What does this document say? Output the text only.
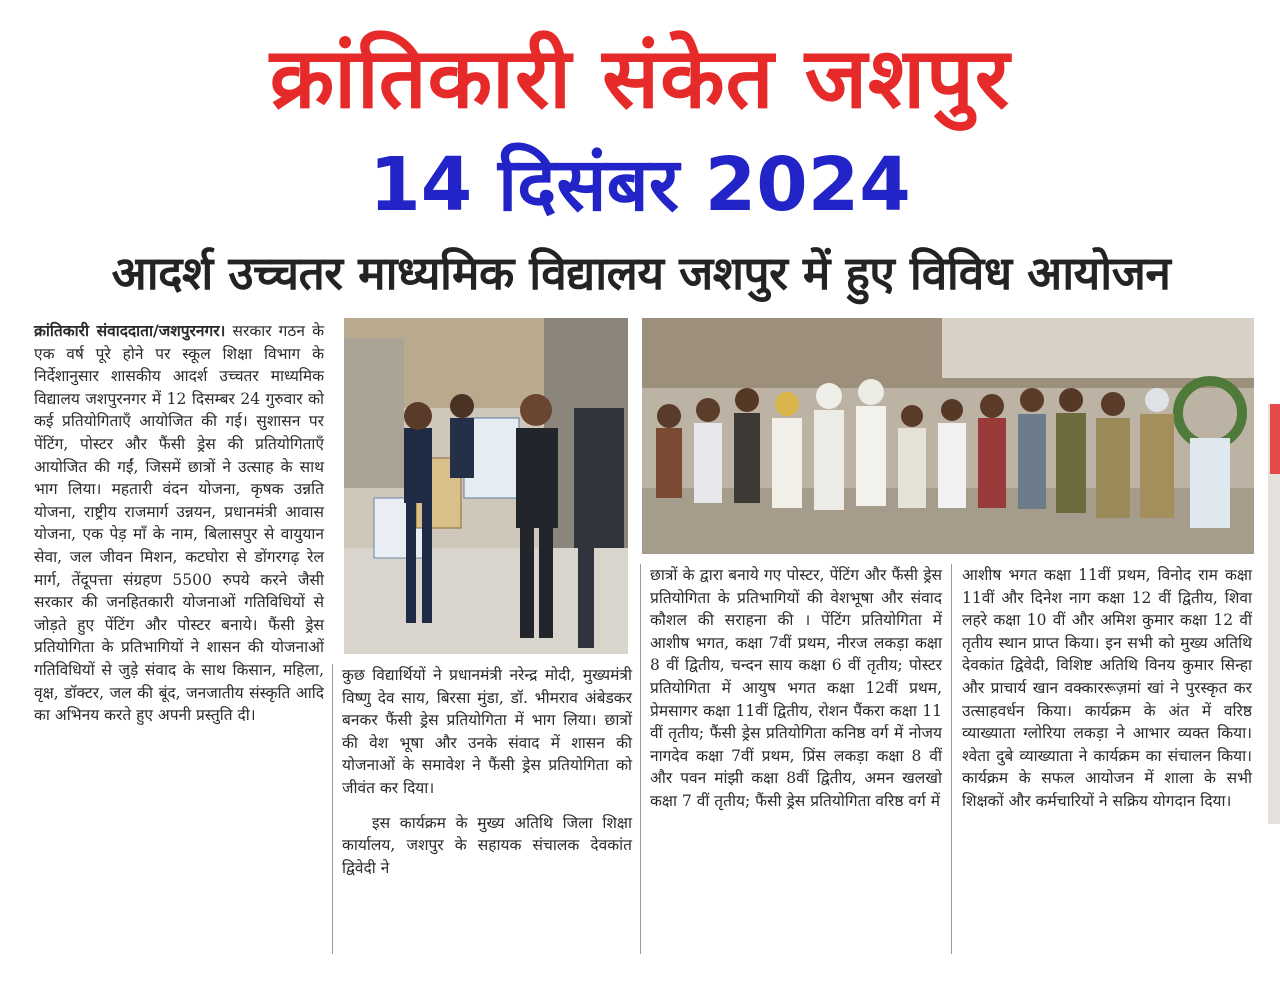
क्रांतिकारी संकेत जशपुर
14 दिसंबर 2024
आदर्श उच्चतर माध्यमिक विद्यालय जशपुर में हुए विविध आयोजन

क्रांतिकारी संवाददाता/जशपुरनगर। सरकार गठन के एक वर्ष पूरे होने पर स्कूल शिक्षा विभाग के निर्देशानुसार शासकीय आदर्श उच्चतर माध्यमिक विद्यालय जशपुरनगर में 12 दिसम्बर 24 गुरुवार को कई प्रतियोगिताएँ आयोजित की गई। सुशासन पर पेंटिंग, पोस्टर और फैंसी ड्रेस की प्रतियोगिताएँ आयोजित की गईं, जिसमें छात्रों ने उत्साह के साथ भाग लिया। महतारी वंदन योजना, कृषक उन्नति योजना, राष्ट्रीय राजमार्ग उन्नयन, प्रधानमंत्री आवास योजना, एक पेड़ माँ के नाम, बिलासपुर से वायुयान सेवा, जल जीवन मिशन, कटघोरा से डोंगरगढ़ रेल मार्ग, तेंदूपत्ता संग्रहण 5500 रुपये करने जैसी सरकार की जनहितकारी योजनाओं गतिविधियों से जोड़ते हुए पेंटिंग और पोस्टर बनाये। फैंसी ड्रेस प्रतियोगिता के प्रतिभागियों ने शासन की योजनाओं गतिविधियों से जुड़े संवाद के साथ किसान, महिला, वृक्ष, डॉक्टर, जल की बूंद, जनजातीय संस्कृति आदि का अभिनय करते हुए अपनी प्रस्तुति दी।

कुछ विद्यार्थियों ने प्रधानमंत्री नरेन्द्र मोदी, मुख्यमंत्री विष्णु देव साय, बिरसा मुंडा, डॉ. भीमराव अंबेडकर बनकर फैंसी ड्रेस प्रतियोगिता में भाग लिया। छात्रों की वेश भूषा और उनके संवाद में शासन की योजनाओं के समावेश ने फैंसी ड्रेस प्रतियोगिता को जीवंत कर दिया।

इस कार्यक्रम के मुख्य अतिथि जिला शिक्षा कार्यालय, जशपुर के सहायक संचालक देवकांत द्विवेदी ने

छात्रों के द्वारा बनाये गए पोस्टर, पेंटिंग और फैंसी ड्रेस प्रतियोगिता के प्रतिभागियों की वेशभूषा और संवाद कौशल की सराहना की । पेंटिंग प्रतियोगिता में आशीष भगत, कक्षा 7वीं प्रथम, नीरज लकड़ा कक्षा 8 वीं द्वितीय, चन्दन साय कक्षा 6 वीं तृतीय; पोस्टर प्रतियोगिता में आयुष भगत कक्षा 12वीं प्रथम, प्रेमसागर कक्षा 11वीं द्वितीय, रोशन पैंकरा कक्षा 11 वीं तृतीय; फैंसी ड्रेस प्रतियोगिता कनिष्ठ वर्ग में नोजय नागदेव कक्षा 7वीं प्रथम, प्रिंस लकड़ा कक्षा 8 वीं और पवन मांझी कक्षा 8वीं द्वितीय, अमन खलखो कक्षा 7 वीं तृतीय; फैंसी ड्रेस प्रतियोगिता वरिष्ठ वर्ग में

आशीष भगत कक्षा 11वीं प्रथम, विनोद राम कक्षा 11वीं और दिनेश नाग कक्षा 12 वीं द्वितीय, शिवा लहरे कक्षा 10 वीं और अमिश कुमार कक्षा 12 वीं तृतीय स्थान प्राप्त किया। इन सभी को मुख्य अतिथि देवकांत द्विवेदी, विशिष्ट अतिथि विनय कुमार सिन्हा और प्राचार्य खान वक्काररूज़मां खां ने पुरस्कृत कर उत्साहवर्धन किया। कार्यक्रम के अंत में वरिष्ठ व्याख्याता ग्लोरिया लकड़ा ने आभार व्यक्त किया। श्वेता दुबे व्याख्याता ने कार्यक्रम का संचालन किया। कार्यक्रम के सफल आयोजन में शाला के सभी शिक्षकों और कर्मचारियों ने सक्रिय योगदान दिया।
